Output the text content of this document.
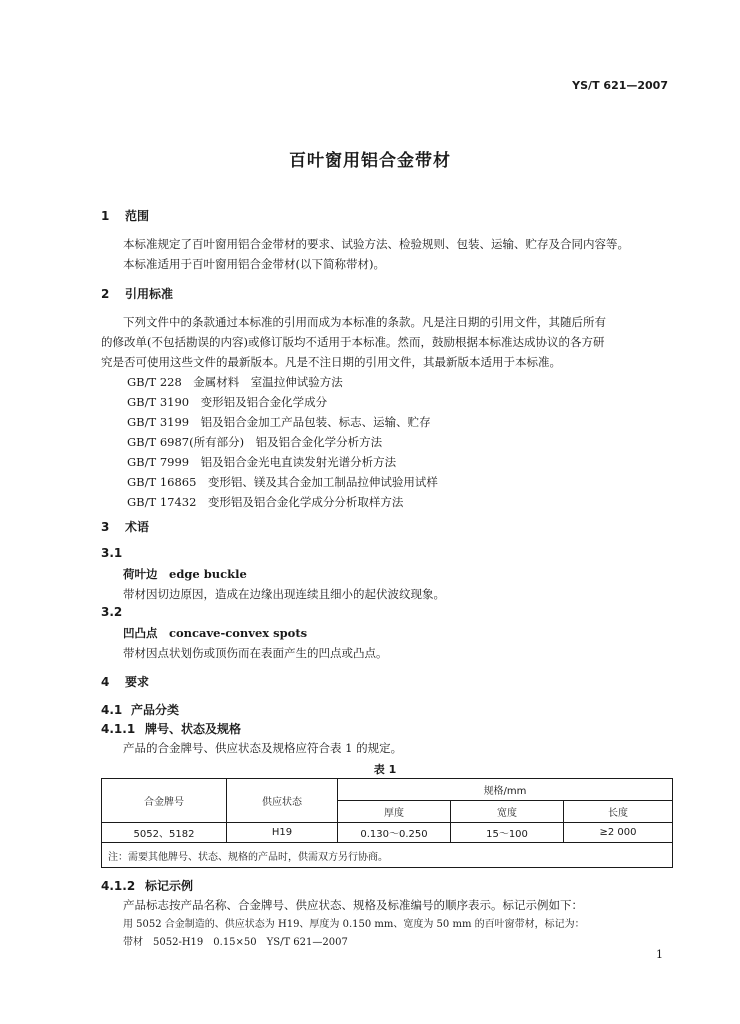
YS/T 621—2007
百叶窗用铝合金带材
1 范围
本标准规定了百叶窗用铝合金带材的要求、试验方法、检验规则、包装、运输、贮存及合同内容等。
本标准适用于百叶窗用铝合金带材(以下简称带材)。
2 引用标准
下列文件中的条款通过本标准的引用而成为本标准的条款。凡是注日期的引用文件，其随后所有
的修改单(不包括勘误的内容)或修订版均不适用于本标准。然而，鼓励根据本标准达成协议的各方研
究是否可使用这些文件的最新版本。凡是不注日期的引用文件，其最新版本适用于本标准。
GB/T 228　金属材料　室温拉伸试验方法
GB/T 3190　变形铝及铝合金化学成分
GB/T 3199　铝及铝合金加工产品包装、标志、运输、贮存
GB/T 6987(所有部分)　铝及铝合金化学分析方法
GB/T 7999　铝及铝合金光电直读发射光谱分析方法
GB/T 16865　变形铝、镁及其合金加工制品拉伸试验用试样
GB/T 17432　变形铝及铝合金化学成分分析取样方法
3 术语
3.1
荷叶边　edge buckle
带材因切边原因，造成在边缘出现连续且细小的起伏波纹现象。
3.2
凹凸点　concave-convex spots
带材因点状划伤或顶伤而在表面产生的凹点或凸点。
4 要求
4.1 产品分类
4.1.1 牌号、状态及规格
产品的合金牌号、供应状态及规格应符合表 1 的规定。
表 1
合金牌号	供应状态	规格/mm		
		厚度	宽度	长度
5052、5182	H19	0.130～0.250	15～100	≥2 000
注：需要其他牌号、状态、规格的产品时，供需双方另行协商。				
4.1.2 标记示例
产品标志按产品名称、合金牌号、供应状态、规格及标准编号的顺序表示。标记示例如下：
用 5052 合金制造的、供应状态为 H19、厚度为 0.150 mm、宽度为 50 mm 的百叶窗带材，标记为：
带材　5052-H19　0.15×50　YS/T 621—2007
1
